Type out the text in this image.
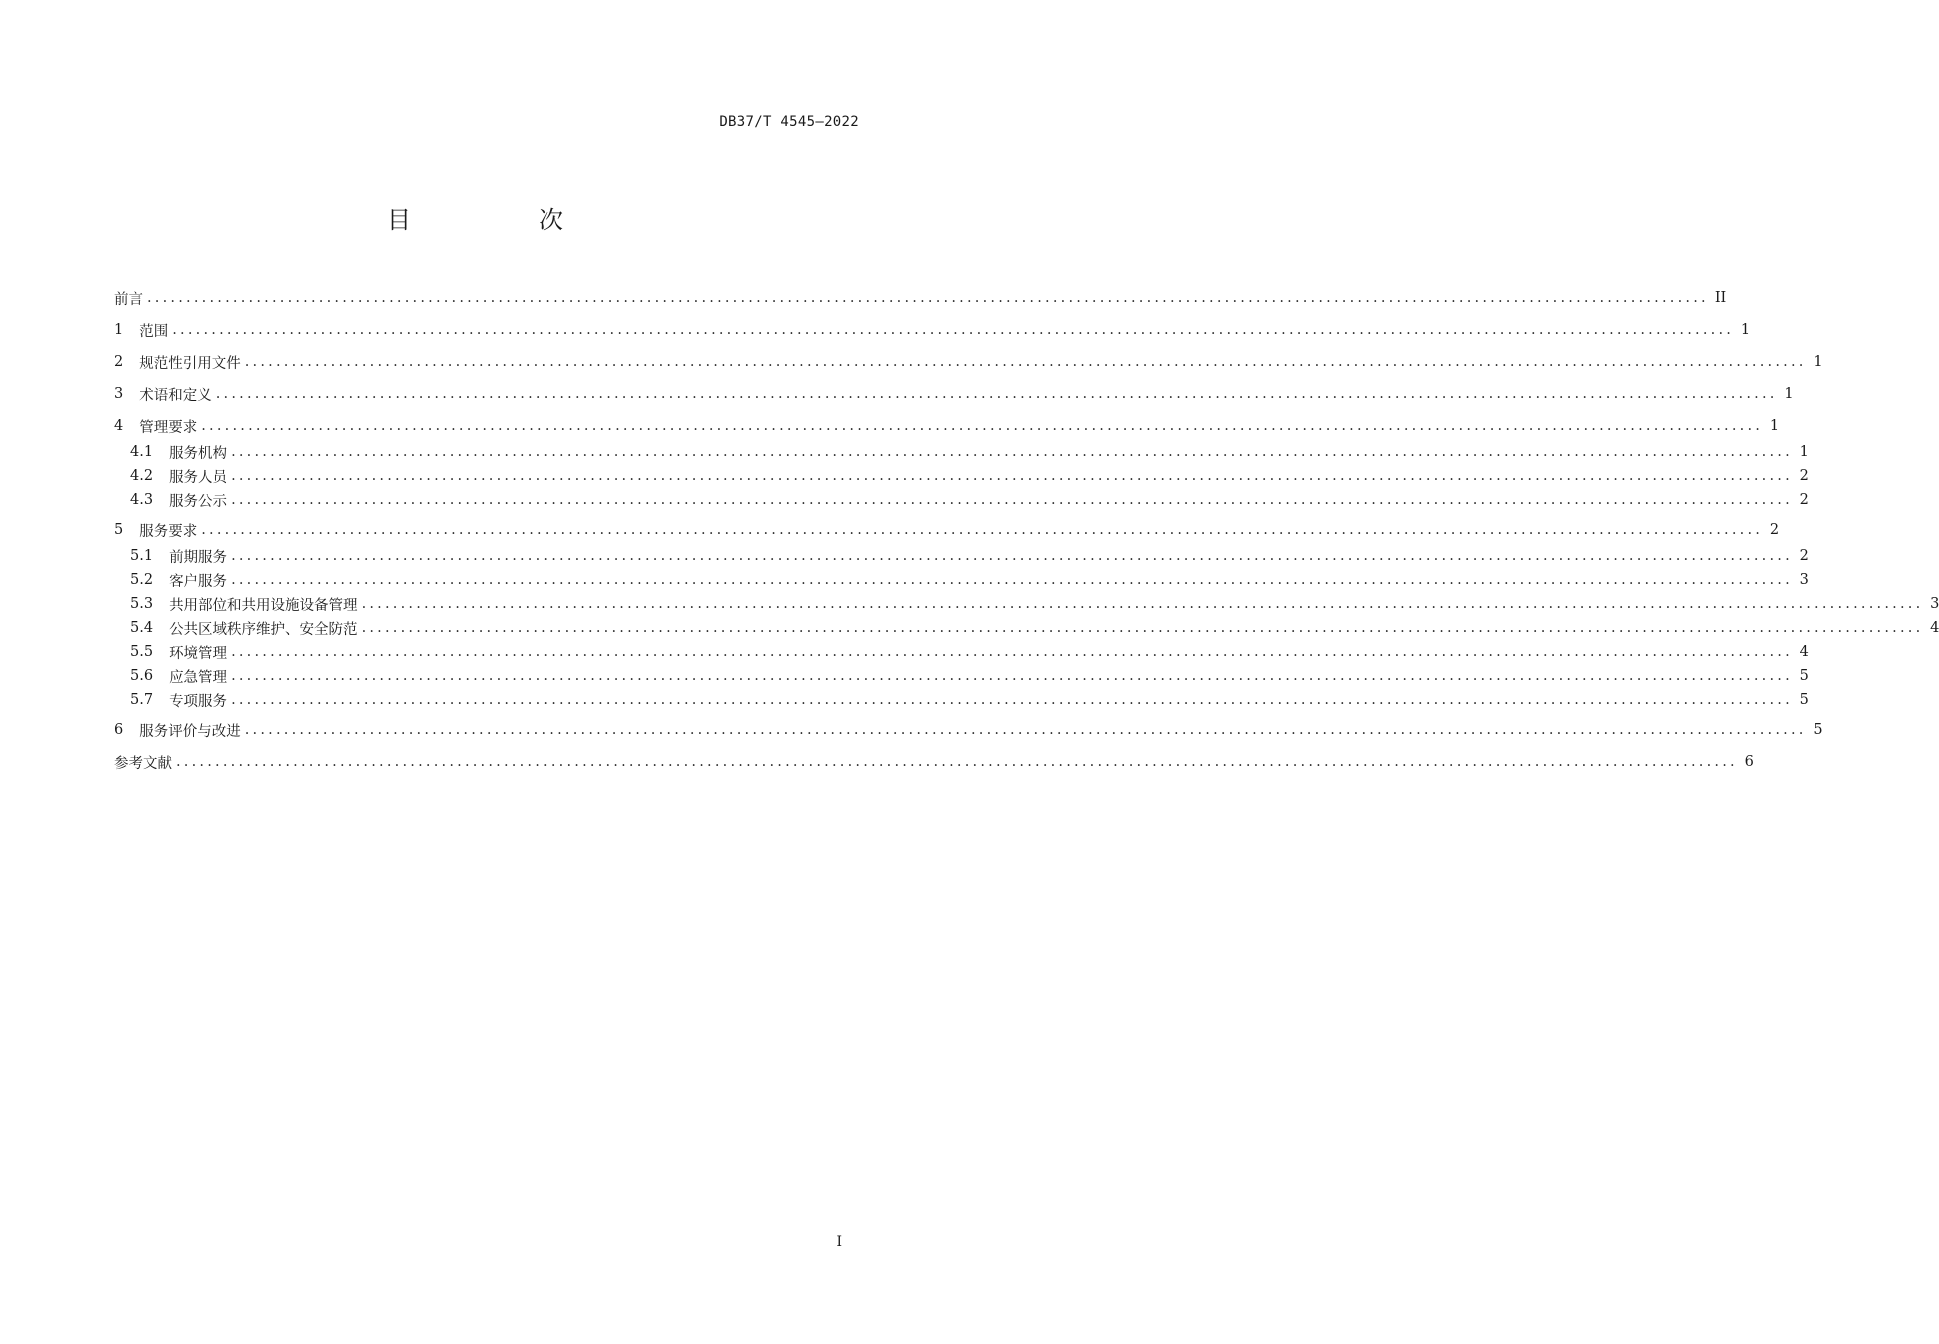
DB37/T 4545—2022
目　次
前言 ........................................................................................................................................................................................................ II
1 范围 ........................................................................................................................................................................................................ 1
2 规范性引用文件 ........................................................................................................................................................................................................ 1
3 术语和定义 ........................................................................................................................................................................................................ 1
4 管理要求 ........................................................................................................................................................................................................ 1
4.1 服务机构 ........................................................................................................................................................................................................ 1
4.2 服务人员 ........................................................................................................................................................................................................ 2
4.3 服务公示 ........................................................................................................................................................................................................ 2
5 服务要求 ........................................................................................................................................................................................................ 2
5.1 前期服务 ........................................................................................................................................................................................................ 2
5.2 客户服务 ........................................................................................................................................................................................................ 3
5.3 共用部位和共用设施设备管理 ........................................................................................................................................................................................................ 3
5.4 公共区域秩序维护、安全防范 ........................................................................................................................................................................................................ 4
5.5 环境管理 ........................................................................................................................................................................................................ 4
5.6 应急管理 ........................................................................................................................................................................................................ 5
5.7 专项服务 ........................................................................................................................................................................................................ 5
6 服务评价与改进 ........................................................................................................................................................................................................ 5
参考文献 ........................................................................................................................................................................................................ 6
I
